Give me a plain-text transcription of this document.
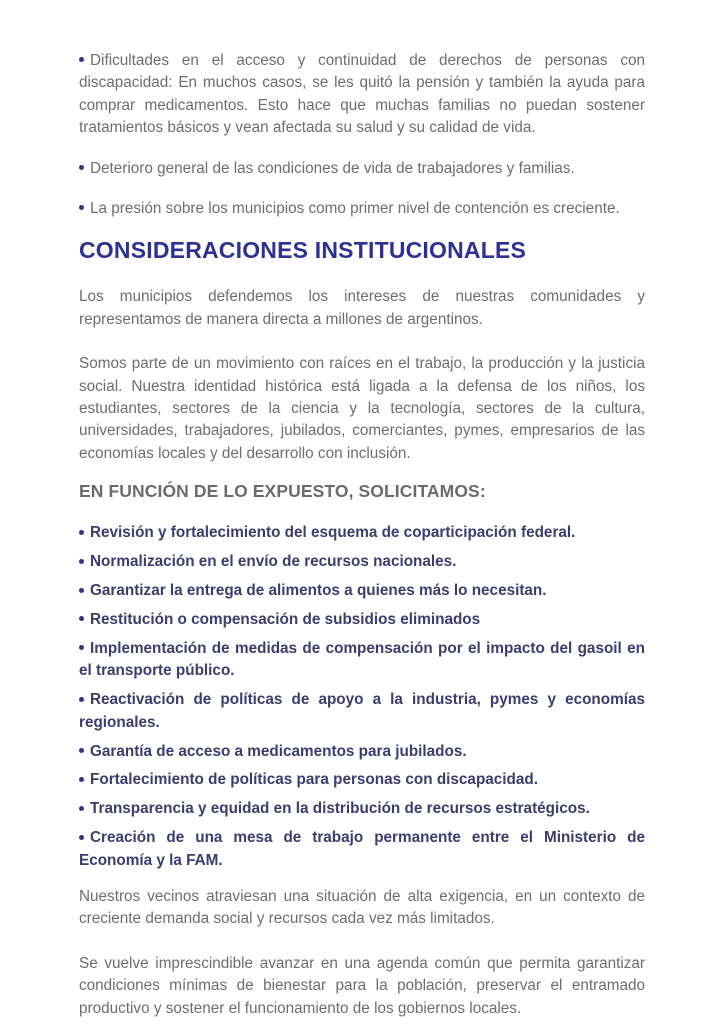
Dificultades en el acceso y continuidad de derechos de personas con discapacidad: En muchos casos, se les quitó la pensión y también la ayuda para comprar medicamentos. Esto hace que muchas familias no puedan sostener tratamientos básicos y vean afectada su salud y su calidad de vida.

Deterioro general de las condiciones de vida de trabajadores y familias.

La presión sobre los municipios como primer nivel de contención es creciente.

CONSIDERACIONES INSTITUCIONALES

Los municipios defendemos los intereses de nuestras comunidades y representamos de manera directa a millones de argentinos.

Somos parte de un movimiento con raíces en el trabajo, la producción y la justicia social. Nuestra identidad histórica está ligada a la defensa de los niños, los estudiantes, sectores de la ciencia y la tecnología, sectores de la cultura, universidades, trabajadores, jubilados, comerciantes, pymes, empresarios de las economías locales y del desarrollo con inclusión.

EN FUNCIÓN DE LO EXPUESTO, SOLICITAMOS:

Revisión y fortalecimiento del esquema de coparticipación federal.

Normalización en el envío de recursos nacionales.

Garantizar la entrega de alimentos a quienes más lo necesitan.

Restitución o compensación de subsidios eliminados

Implementación de medidas de compensación por el impacto del gasoil en el transporte público.

Reactivación de políticas de apoyo a la industria, pymes y economías regionales.

Garantía de acceso a medicamentos para jubilados.

Fortalecimiento de políticas para personas con discapacidad.

Transparencia y equidad en la distribución de recursos estratégicos.

Creación de una mesa de trabajo permanente entre el Ministerio de Economía y la FAM.

Nuestros vecinos atraviesan una situación de alta exigencia, en un contexto de creciente demanda social y recursos cada vez más limitados.

Se vuelve imprescindible avanzar en una agenda común que permita garantizar condiciones mínimas de bienestar para la población, preservar el entramado productivo y sostener el funcionamiento de los gobiernos locales.
